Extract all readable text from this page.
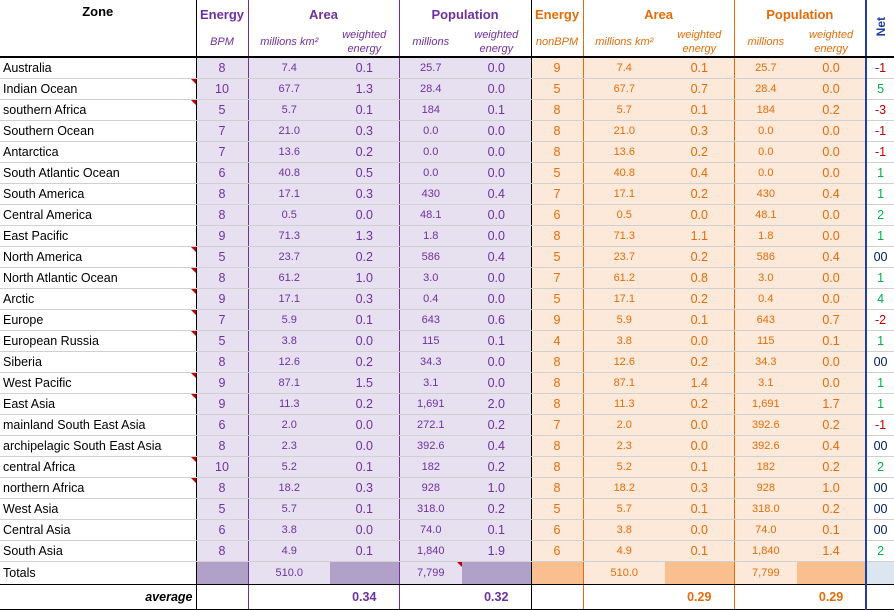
Zone	Energy	Area		Population		Energy	Area		Population		Net
	BPM	millions km²	weighted energy	millions	weighted energy	nonBPM	millions km²	weighted energy	millions	weighted energy	
Australia	8	7.4	0.1	25.7	0.0	9	7.4	0.1	25.7	0.0	-1
Indian Ocean	10	67.7	1.3	28.4	0.0	5	67.7	0.7	28.4	0.0	5
southern Africa	5	5.7	0.1	184	0.1	8	5.7	0.1	184	0.2	-3
Southern Ocean	7	21.0	0.3	0.0	0.0	8	21.0	0.3	0.0	0.0	-1
Antarctica	7	13.6	0.2	0.0	0.0	8	13.6	0.2	0.0	0.0	-1
South Atlantic Ocean	6	40.8	0.5	0.0	0.0	5	40.8	0.4	0.0	0.0	1
South America	8	17.1	0.3	430	0.4	7	17.1	0.2	430	0.4	1
Central America	8	0.5	0.0	48.1	0.0	6	0.5	0.0	48.1	0.0	2
East Pacific	9	71.3	1.3	1.8	0.0	8	71.3	1.1	1.8	0.0	1
North America	5	23.7	0.2	586	0.4	5	23.7	0.2	586	0.4	00
North Atlantic Ocean	8	61.2	1.0	3.0	0.0	7	61.2	0.8	3.0	0.0	1
Arctic	9	17.1	0.3	0.4	0.0	5	17.1	0.2	0.4	0.0	4
Europe	7	5.9	0.1	643	0.6	9	5.9	0.1	643	0.7	-2
European Russia	5	3.8	0.0	115	0.1	4	3.8	0.0	115	0.1	1
Siberia	8	12.6	0.2	34.3	0.0	8	12.6	0.2	34.3	0.0	00
West Pacific	9	87.1	1.5	3.1	0.0	8	87.1	1.4	3.1	0.0	1
East Asia	9	11.3	0.2	1,691	2.0	8	11.3	0.2	1,691	1.7	1
mainland South East Asia	6	2.0	0.0	272.1	0.2	7	2.0	0.0	392.6	0.2	-1
archipelagic South East Asia	8	2.3	0.0	392.6	0.4	8	2.3	0.0	392.6	0.4	00
central Africa	10	5.2	0.1	182	0.2	8	5.2	0.1	182	0.2	2
northern Africa	8	18.2	0.3	928	1.0	8	18.2	0.3	928	1.0	00
West Asia	5	5.7	0.1	318.0	0.2	5	5.7	0.1	318.0	0.2	00
Central Asia	6	3.8	0.0	74.0	0.1	6	3.8	0.0	74.0	0.1	00
South Asia	8	4.9	0.1	1,840	1.9	6	4.9	0.1	1,840	1.4	2
Totals		510.0		7,799			510.0		7,799		
average			0.34		0.32			0.29		0.29	
